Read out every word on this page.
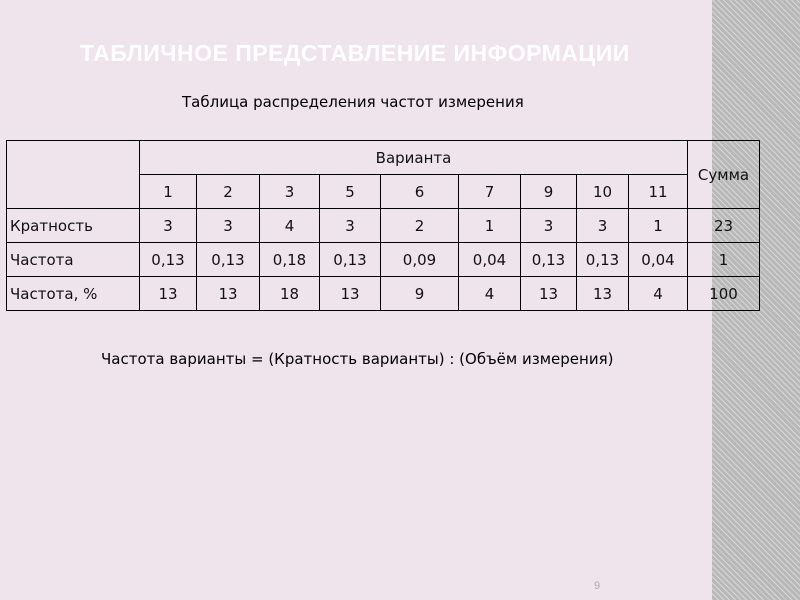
ТАБЛИЧНОЕ ПРЕДСТАВЛЕНИЕ ИНФОРМАЦИИ
Таблица распределения частот измерения
	Варианта									Сумма
	1	2	3	5	6	7	9	10	11	
Кратность	3	3	4	3	2	1	3	3	1	23
Частота	0,13	0,13	0,18	0,13	0,09	0,04	0,13	0,13	0,04	1
Частота, %	13	13	18	13	9	4	13	13	4	100
Частота варианты = (Кратность варианты) : (Объём измерения)
9
